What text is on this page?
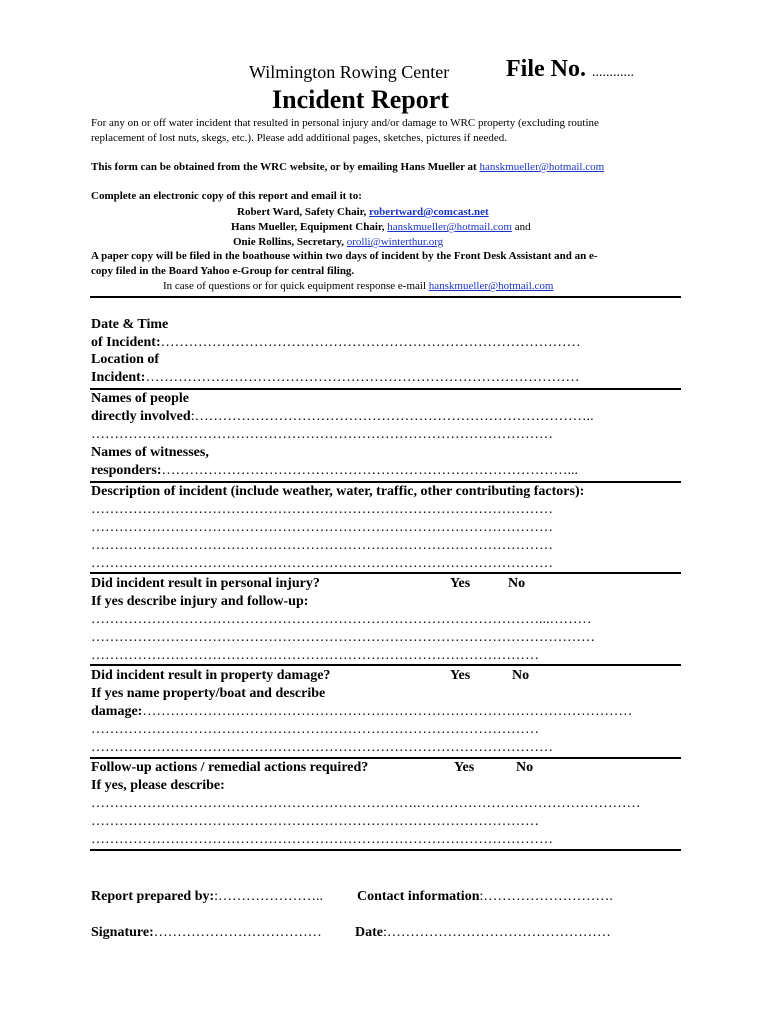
Wilmington Rowing Center File No. ............
Incident Report
For any on or off water incident that resulted in personal injury and/or damage to WRC property (excluding routine
replacement of lost nuts, skegs, etc.). Please add additional pages, sketches, pictures if needed.
This form can be obtained from the WRC website, or by emailing Hans Mueller at hanskmueller@hotmail.com
Complete an electronic copy of this report and email it to:
Robert Ward, Safety Chair, robertward@comcast.net
Hans Mueller, Equipment Chair, hanskmueller@hotmail.com and
Onie Rollins, Secretary, orolli@winterthur.org
A paper copy will be filed in the boathouse within two days of incident by the Front Desk Assistant and an e-
copy filed in the Board Yahoo e-Group for central filing.
In case of questions or for quick equipment response e-mail hanskmueller@hotmail.com
Date & Time
of Incident:………………………………………………………………………………
Location of
Incident:…………………………………………………………………………………
Names of people
directly involved:…………………………………………………………………………..
………………………………………………………………………………………
Names of witnesses,
responders:……………………………………………………………………………...
Description of incident (include weather, water, traffic, other contributing factors):
………………………………………………………………………………………
………………………………………………………………………………………
………………………………………………………………………………………
………………………………………………………………………………………
Did incident result in personal injury?	Yes	No
If yes describe injury and follow-up:
……………………………………………………………………………………...………
………………………………………………………………………………………………
……………………………………………………………………………………
Did incident result in property damage?	Yes	No
If yes name property/boat and describe
damage:……………………………………………………………………………………………
……………………………………………………………………………………
………………………………………………………………………………………
Follow-up actions / remedial actions required?	Yes	No
If yes, please describe:
…………………………………………………………….…………………………………………
……………………………………………………………………………………
………………………………………………………………………………………
Report prepared by::………………….. Contact information:……………………….
Signature:……………………………… Date:…………………………………………
